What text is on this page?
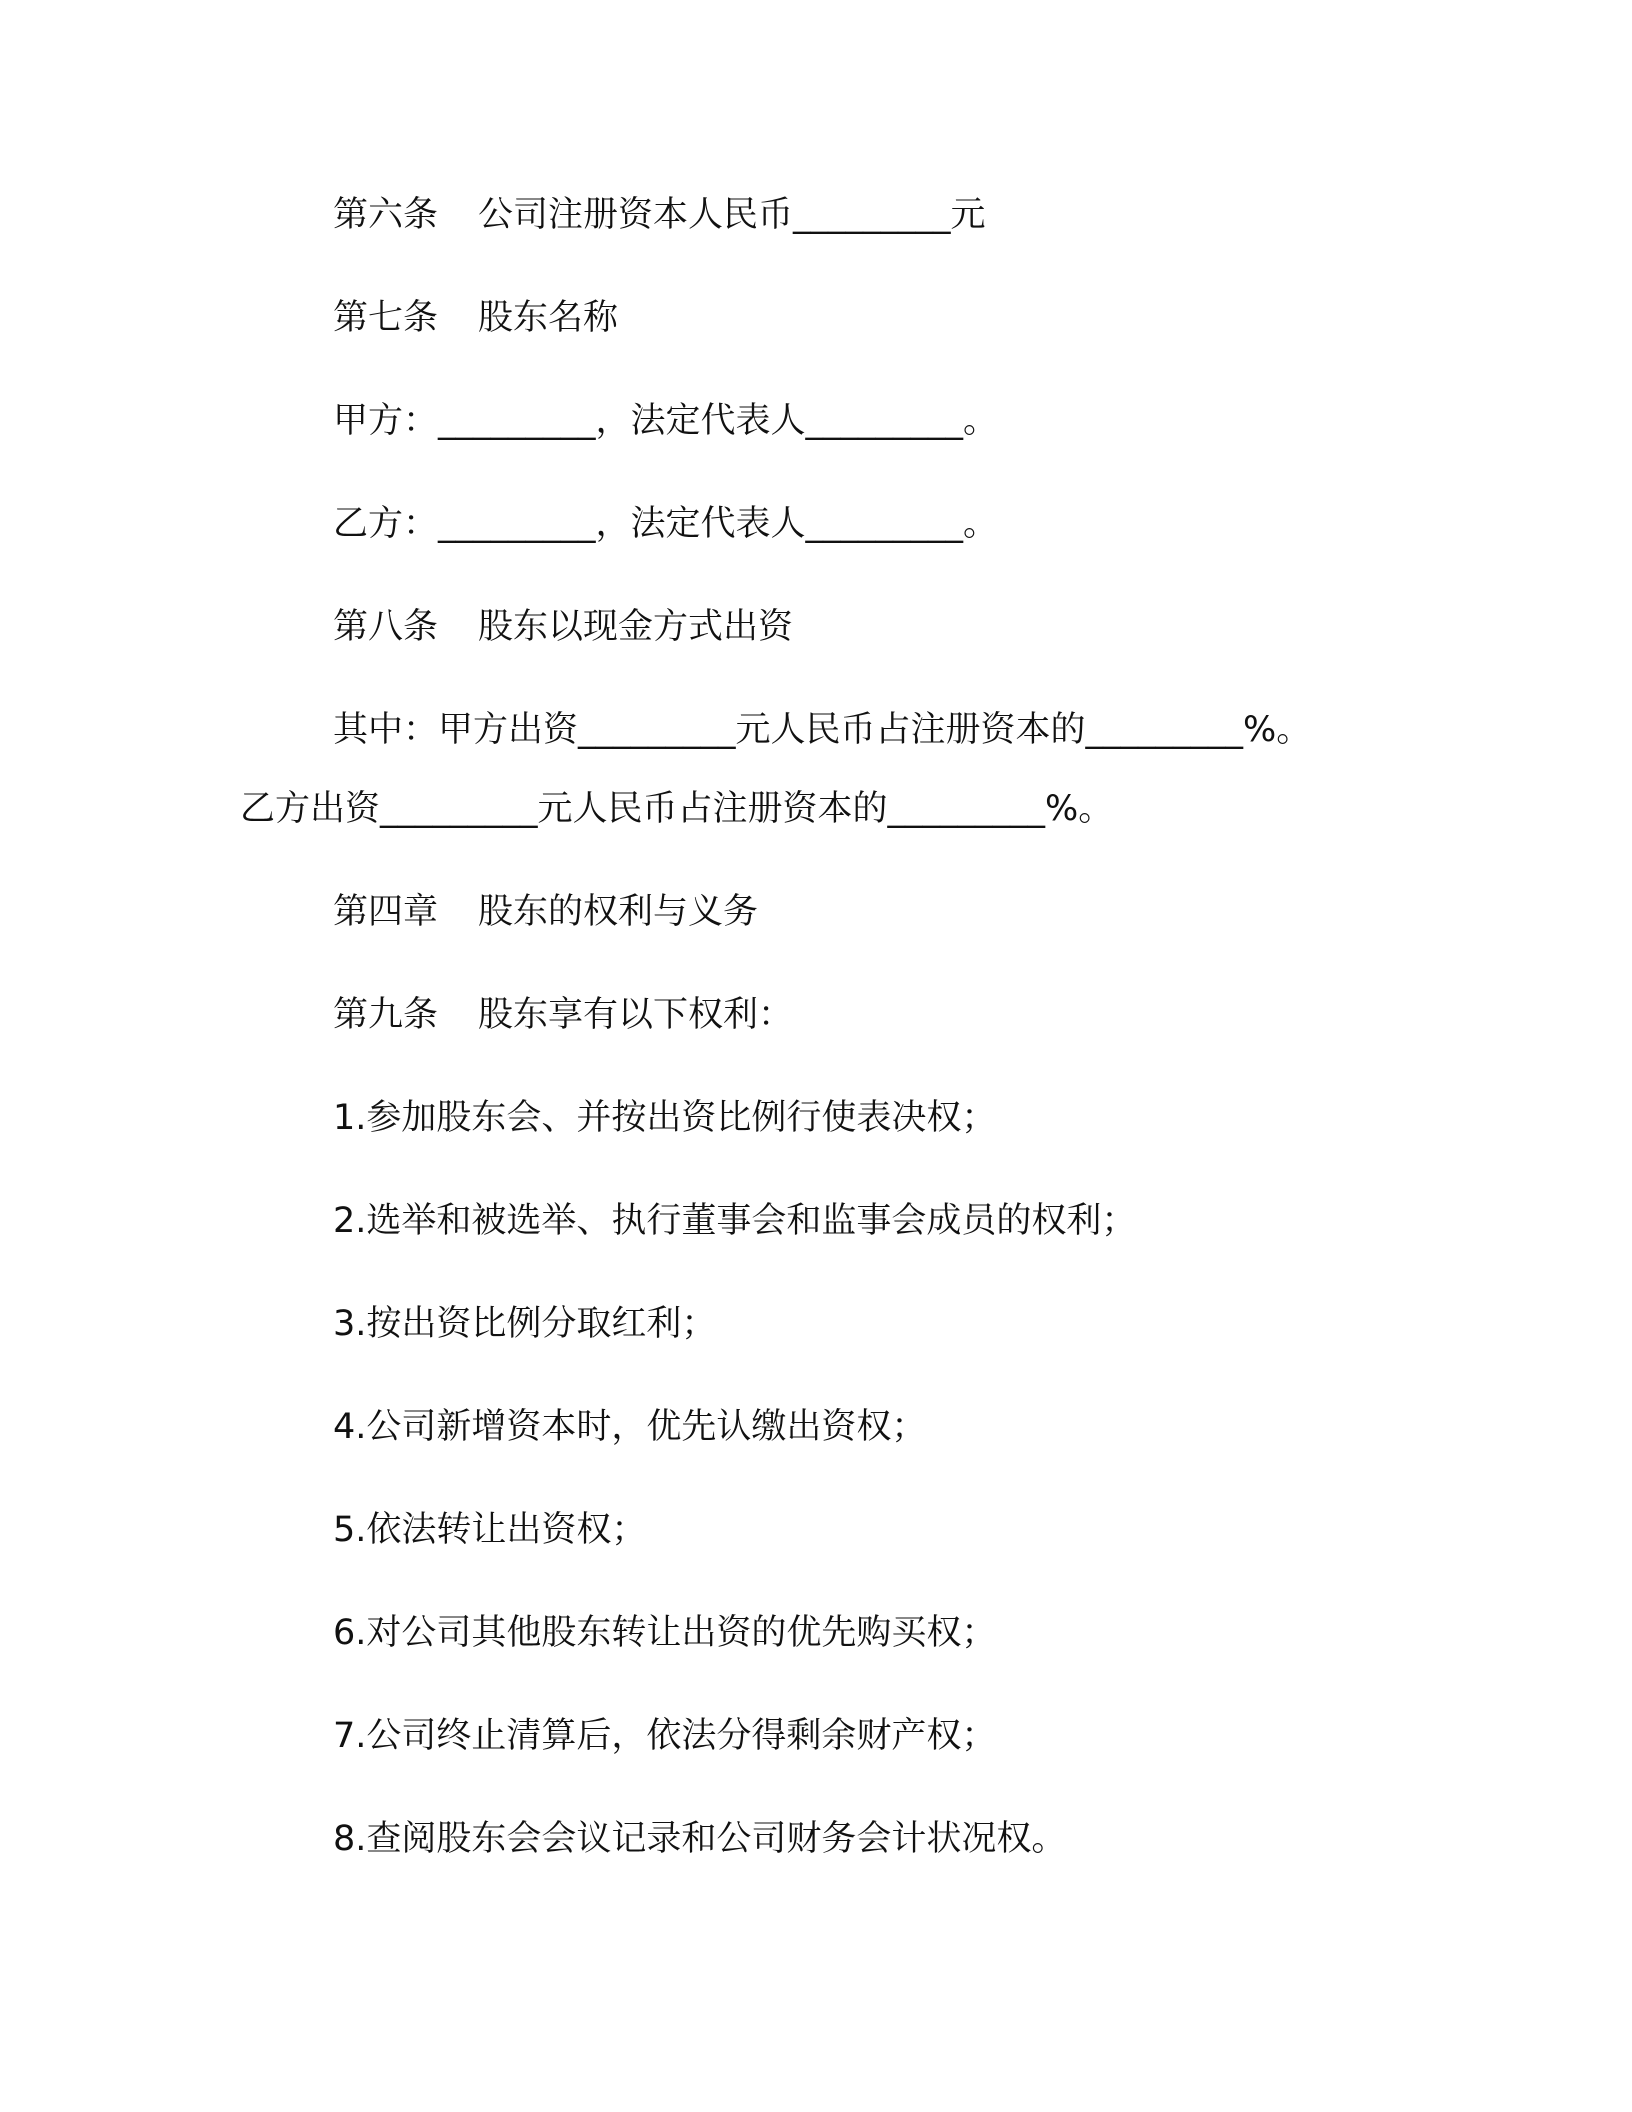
第六条 公司注册资本人民币_________元
第七条 股东名称
甲方：_________，法定代表人_________。
乙方：_________，法定代表人_________。
第八条 股东以现金方式出资
其中：甲方出资_________元人民币占注册资本的_________%。
乙方出资_________元人民币占注册资本的_________%。
第四章 股东的权利与义务
第九条 股东享有以下权利：
1.参加股东会、并按出资比例行使表决权；
2.选举和被选举、执行董事会和监事会成员的权利；
3.按出资比例分取红利；
4.公司新增资本时，优先认缴出资权；
5.依法转让出资权；
6.对公司其他股东转让出资的优先购买权；
7.公司终止清算后，依法分得剩余财产权；
8.查阅股东会会议记录和公司财务会计状况权。
